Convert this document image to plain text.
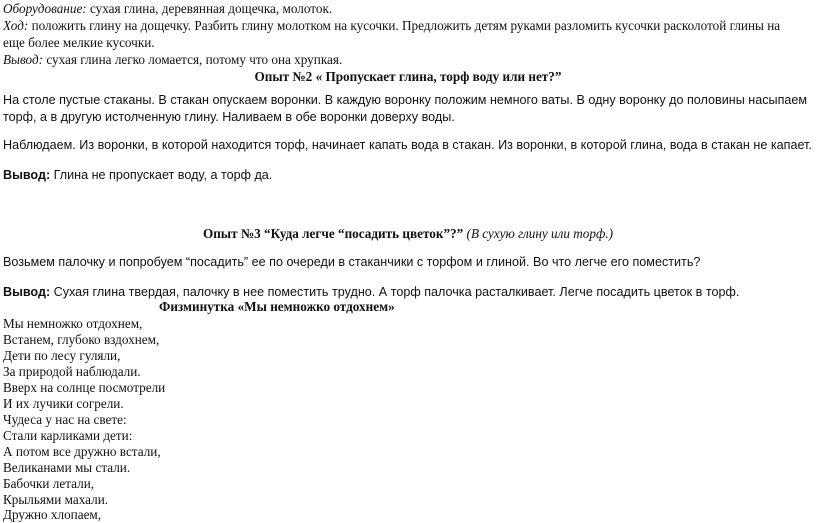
Оборудование: сухая глина, деревянная дощечка, молоток.
Ход: положить глину на дощечку. Разбить глину молотком на кусочки. Предложить детям руками разломить кусочки расколотой глины на
еще более мелкие кусочки.
Вывод: сухая глина легко ломается, потому что она хрупкая.
Опыт №2 « Пропускает глина, торф воду или нет?”
На столе пустые стаканы. В стакан опускаем воронки. В каждую воронку положим немного ваты. В одну воронку до половины насыпаем
торф, а в другую истолченную глину. Наливаем в обе воронки доверху воды.
Наблюдаем. Из воронки, в которой находится торф, начинает капать вода в стакан. Из воронки, в которой глина, вода в стакан не капает.
Вывод: Глина не пропускает воду, а торф да.
Опыт №3 “Куда легче “посадить цветок”?” (В сухую глину или торф.)
Возьмем палочку и попробуем “посадить” ее по очереди в стаканчики с торфом и глиной. Во что легче его поместить?
Вывод: Сухая глина твердая, палочку в нее поместить трудно. А торф палочка расталкивает. Легче посадить цветок в торф.
Физминутка «Мы немножко отдохнем»
Мы немножко отдохнем,
Встанем, глубоко вздохнем,
Дети по лесу гуляли,
За природой наблюдали.
Вверх на солнце посмотрели
И их лучики согрели.
Чудеса у нас на свете:
Стали карликами дети:
А потом все дружно встали,
Великанами мы стали.
Бабочки летали,
Крыльями махали.
Дружно хлопаем,
